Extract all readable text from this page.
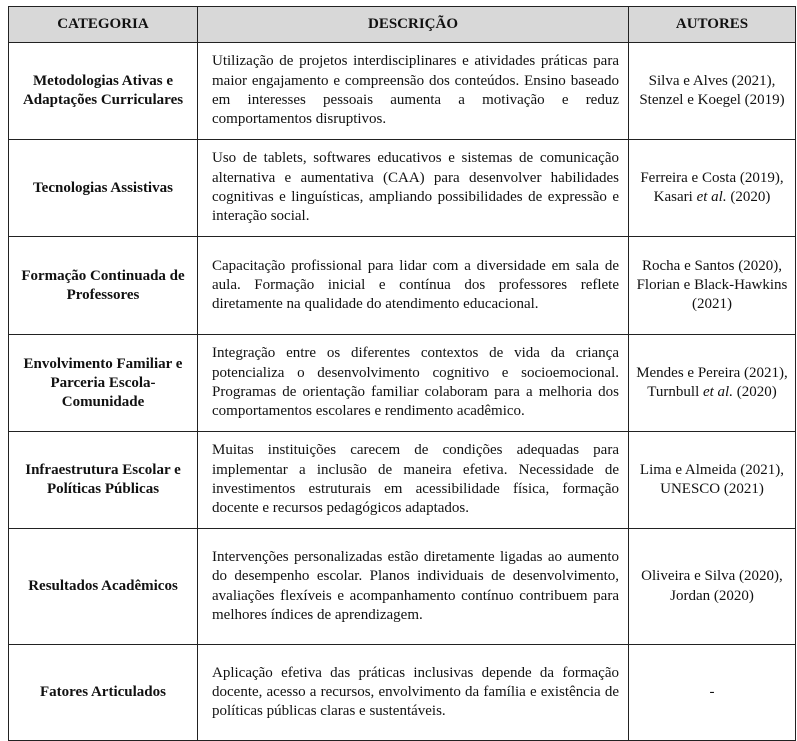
CATEGORIA	DESCRIÇÃO	AUTORES
Metodologias Ativas e Adaptações Curriculares	Utilização de projetos interdisciplinares e atividades práticas para maior engajamento e compreensão dos conteúdos. Ensino baseado em interesses pessoais aumenta a motivação e reduz comportamentos disruptivos.	Silva e Alves (2021), Stenzel e Koegel (2019)
Tecnologias Assistivas	Uso de tablets, softwares educativos e sistemas de comunicação alternativa e aumentativa (CAA) para desenvolver habilidades cognitivas e linguísticas, ampliando possibilidades de expressão e interação social.	Ferreira e Costa (2019), Kasari et al. (2020)
Formação Continuada de Professores	Capacitação profissional para lidar com a diversidade em sala de aula. Formação inicial e contínua dos professores reflete diretamente na qualidade do atendimento educacional.	Rocha e Santos (2020), Florian e Black-Hawkins (2021)
Envolvimento Familiar e Parceria Escola-Comunidade	Integração entre os diferentes contextos de vida da criança potencializa o desenvolvimento cognitivo e socioemocional. Programas de orientação familiar colaboram para a melhoria dos comportamentos escolares e rendimento acadêmico.	Mendes e Pereira (2021), Turnbull et al. (2020)
Infraestrutura Escolar e Políticas Públicas	Muitas instituições carecem de condições adequadas para implementar a inclusão de maneira efetiva. Necessidade de investimentos estruturais em acessibilidade física, formação docente e recursos pedagógicos adaptados.	Lima e Almeida (2021), UNESCO (2021)
Resultados Acadêmicos	Intervenções personalizadas estão diretamente ligadas ao aumento do desempenho escolar. Planos individuais de desenvolvimento, avaliações flexíveis e acompanhamento contínuo contribuem para melhores índices de aprendizagem.	Oliveira e Silva (2020), Jordan (2020)
Fatores Articulados	Aplicação efetiva das práticas inclusivas depende da formação docente, acesso a recursos, envolvimento da família e existência de políticas públicas claras e sustentáveis.	-
